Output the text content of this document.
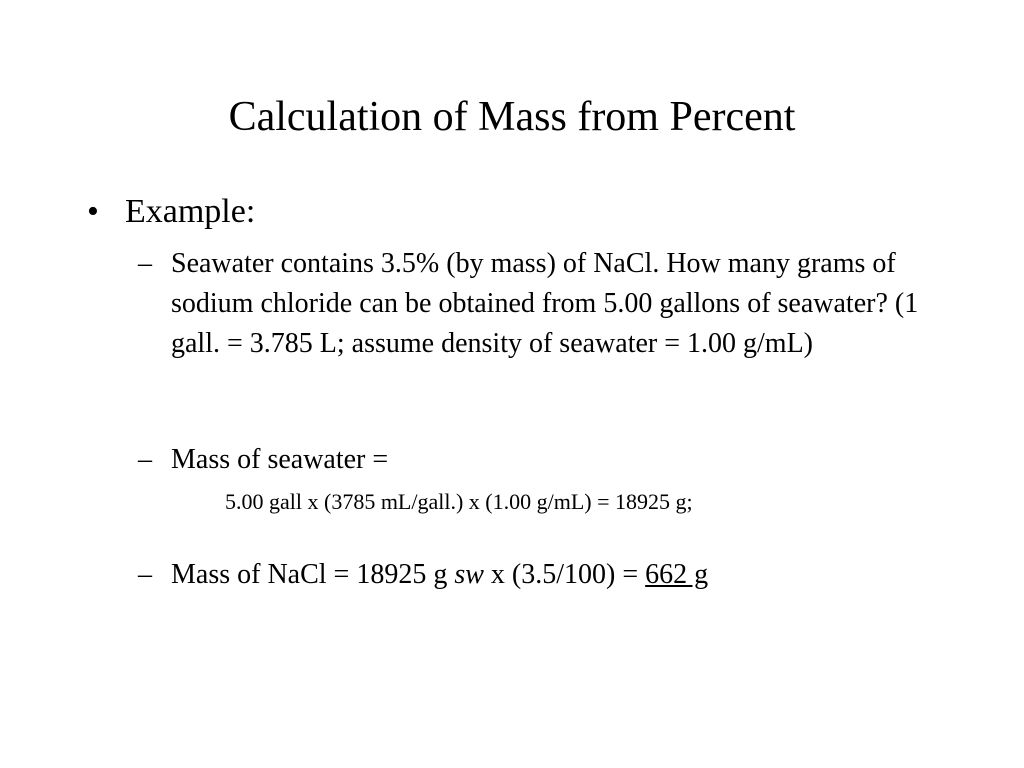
Calculation of Mass from Percent
• Example:
– Seawater contains 3.5% (by mass) of NaCl. How many grams of sodium chloride can be obtained from 5.00 gallons of seawater? (1 gall. = 3.785 L; assume density of seawater = 1.00 g/mL)
– Mass of seawater =
5.00 gall x (3785 mL/gall.) x (1.00 g/mL) = 18925 g;
– Mass of NaCl = 18925 g sw x (3.5/100) = 662 g
